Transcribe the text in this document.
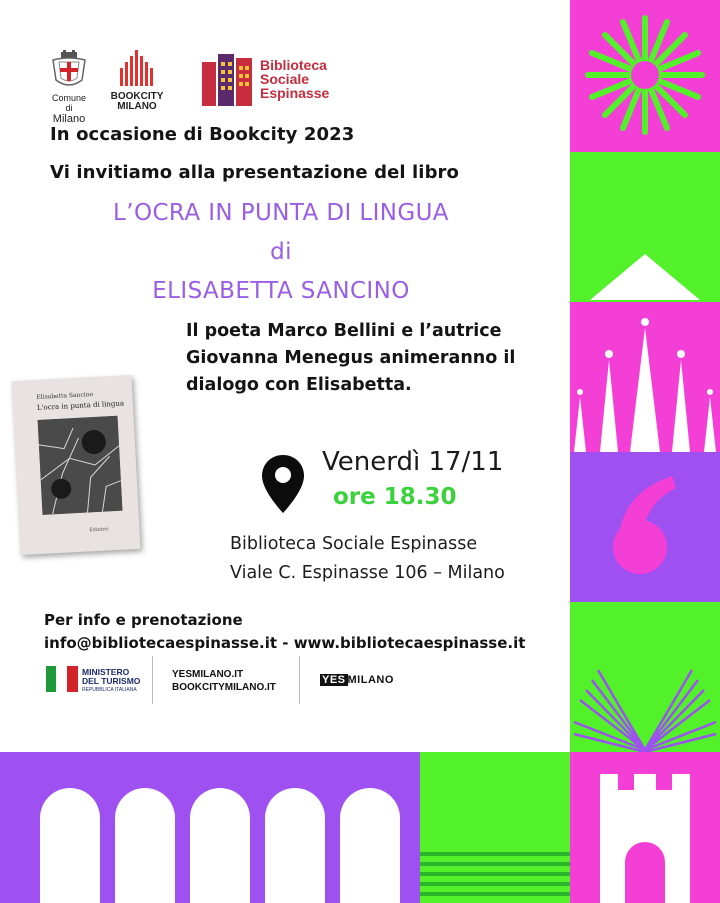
Comune di
Milano
BOOKCITY
MILANO
Biblioteca
Sociale
Espinasse
In occasione di Bookcity 2023
Vi invitiamo alla presentazione del libro
L’OCRA IN PUNTA DI LINGUA
di
ELISABETTA SANCINO
Il poeta Marco Bellini e l’autrice
Giovanna Menegus animeranno il
dialogo con Elisabetta.
Elisabetta Sancino
L'ocra in punta di lingua
Edizioni
Venerdì 17/11
ore 18.30
Biblioteca Sociale Espinasse
Viale C. Espinasse 106 – Milano
Per info e prenotazione
info@bibliotecaespinasse.it - www.bibliotecaespinasse.it
MINISTERO
DEL TURISMO
REPUBBLICA ITALIANA
YESMILANO.IT
BOOKCITYMILANO.IT
YES MILANO
